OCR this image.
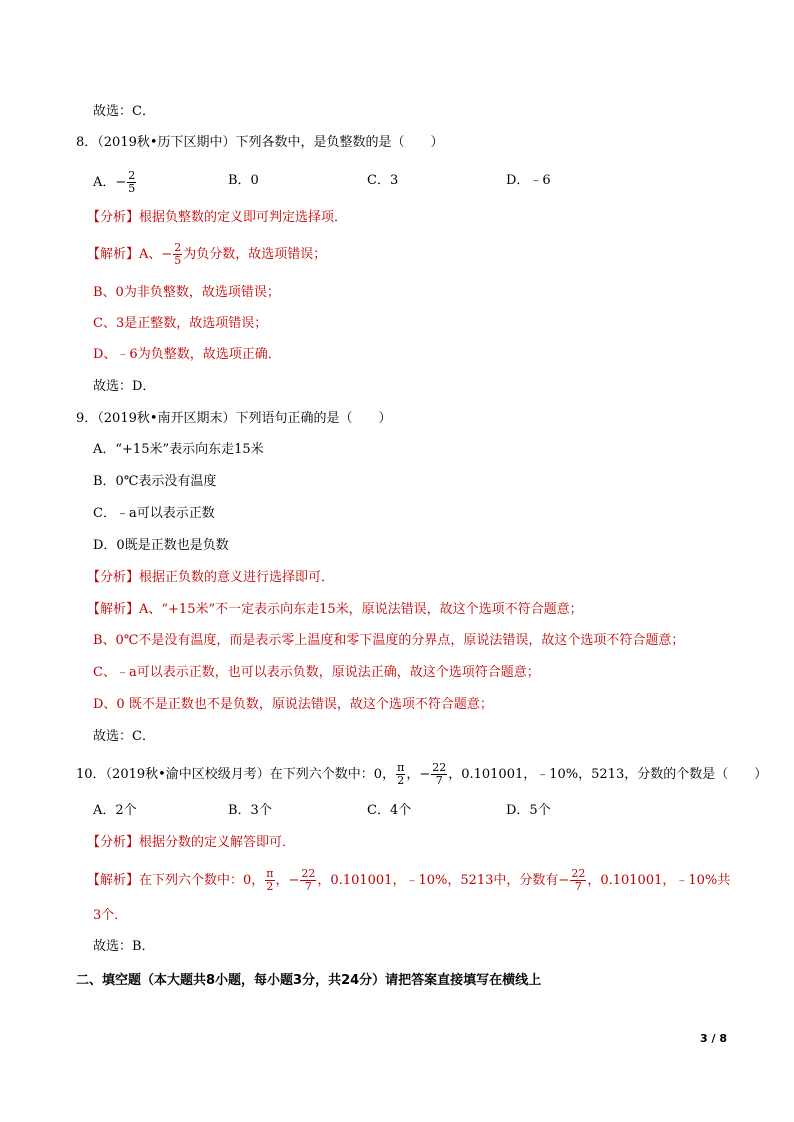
故选：C．
8．（2019秋•历下区期中）下列各数中，是负整数的是（　　）
A．− $\frac{2}{5}$	B．0	C．3	D．﹣6
【分析】根据负整数的定义即可判定选择项．
【解析】A、− $\frac{2}{5}$ 为负分数，故选项错误；
B、0为非负整数，故选项错误；
C、3是正整数，故选项错误；
D、﹣6为负整数，故选项正确．
故选：D．
9．（2019秋•南开区期末）下列语句正确的是（　　）
A．“+15米”表示向东走15米
B．0℃表示没有温度
C．﹣a可以表示正数
D．0既是正数也是负数
【分析】根据正负数的意义进行选择即可．
【解析】A、“+15米”不一定表示向东走15米，原说法错误，故这个选项不符合题意；
B、0℃不是没有温度，而是表示零上温度和零下温度的分界点，原说法错误，故这个选项不符合题意；
C、﹣a可以表示正数，也可以表示负数，原说法正确，故这个选项符合题意；
D、0 既不是正数也不是负数，原说法错误，故这个选项不符合题意；
故选：C．
10．（2019秋•渝中区校级月考）在下列六个数中：0， $\frac{\pi}{2}$ ，− $\frac{22}{7}$ ，0.101001，﹣10%，5213，分数的个数是（　　）
A．2个	B．3个	C．4个	D．5个
【分析】根据分数的定义解答即可．
【解析】在下列六个数中：0， $\frac{\pi}{2}$ ，− $\frac{22}{7}$ ，0.101001，﹣10%，5213中，分数有− $\frac{22}{7}$ ，0.101001，﹣10%共
3个．
故选：B．
二、填空题（本大题共8小题，每小题3分，共24分）请把答案直接填写在横线上
3 / 8
